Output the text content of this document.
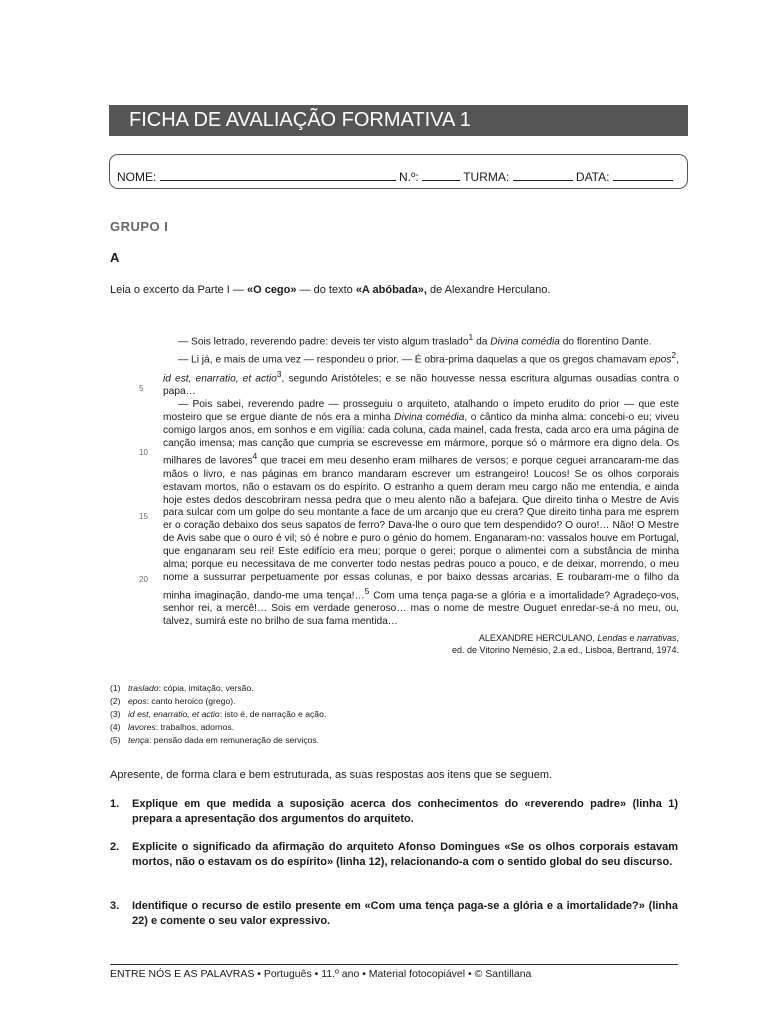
FICHA DE AVALIAÇÃO FORMATIVA 1
NOME:	N.º:	TURMA:	DATA:
GRUPO I
A
Leia o excerto da Parte I — «O cego» — do texto «A abóbada», de Alexandre Herculano.

— Sois letrado, reverendo padre: deveis ter visto algum traslado$^1$ da Divina comédia do florentino Dante.

— Li já, e mais de uma vez — respondeu o prior. — É obra-prima daquelas a que os gregos chamavam epos$^2$, id est, enarratio, et actio$^3$, segundo Aristóteles; e se não houvesse nessa escritura algumas ousadias contra o papa…

— Pois sabei, reverendo padre — prosseguiu o arquiteto, atalhando o ímpeto erudito do prior — que este mosteiro que se ergue diante de nós era a minha Divina comédia, o cântico da minha alma: concebi-o eu; viveu comigo largos anos, em sonhos e em vigília: cada coluna, cada mainel, cada fresta, cada arco era uma página de canção imensa; mas canção que cumpria se escrevesse em mármore, porque só o mármore era digno dela. Os milhares de lavores$^4$ que tracei em meu desenho eram milhares de versos; e porque ceguei arrancaram-me das mãos o livro, e nas páginas em branco mandaram escrever um estrangeiro! Loucos! Se os olhos corporais estavam mortos, não o estavam os do espírito. O estranho a quem deram meu cargo não me entendia, e ainda hoje estes dedos descobriram nessa pedra que o meu alento não a bafejara. Que direito tinha o Mestre de Avis para sulcar com um golpe do seu montante a face de um arcanjo que eu crera? Que direito tinha para me esprem​er o coração debaixo dos seus sapatos de ferro? Dava-lhe o ouro que tem despendido? O ouro!… Não! O Mestre de Avis sabe que o ouro é vil; só é nobre e puro o génio do homem. Enganaram-no: vassalos houve em Portugal, que enganaram seu rei! Este edifício era meu; porque o gerei; porque o alimentei com a substância de minha alma; porque eu necessitava de me converter todo nestas pedras pouco a pouco, e de deixar, morrendo, o meu nome a sussurrar perpetuamente por essas colunas, e por baixo dessas arcarias. E roubaram-me o filho da minha imaginação, dando-me uma tença!…$^5$ Com uma tença paga-se a glória e a imortalidade? Agradeço-vos, senhor rei, a mercê!… Sois em verdade generoso… mas o nome de mestre Ouguet enredar-se-á no meu, ou, talvez, sumirá este no brilho de sua fama mentida…

5
10
15
20
ALEXANDRE HERCULANO, Lendas e narrativas,
ed. de Vitorino Nemésio, 2.a ed., Lisboa, Bertrand, 1974.
(1) traslado: cópia, imitação, versão.
(2) epos: canto heroico (grego).
(3) id est, enarratio, et actio: isto é, de narração e ação.
(4) lavores: trabalhos, adornos.
(5) tença: pensão dada em remuneração de serviços.
Apresente, de forma clara e bem estruturada, as suas respostas aos itens que se seguem.
1. Explique em que medida a suposição acerca dos conhecimentos do «reverendo padre» (linha 1) prepara a apresentação dos argumentos do arquiteto.
2. Explicite o significado da afirmação do arquiteto Afonso Domingues «Se os olhos corporais estavam mortos, não o estavam os do espírito» (linha 12), relacionando-a com o sentido global do seu discurso.
3. Identifique o recurso de estilo presente em «Com uma tença paga-se a glória e a imortalidade?» (linha 22) e comente o seu valor expressivo.
ENTRE NÓS E AS PALAVRAS • Português • 11.º ano • Material fotocopiável • © Santillana
